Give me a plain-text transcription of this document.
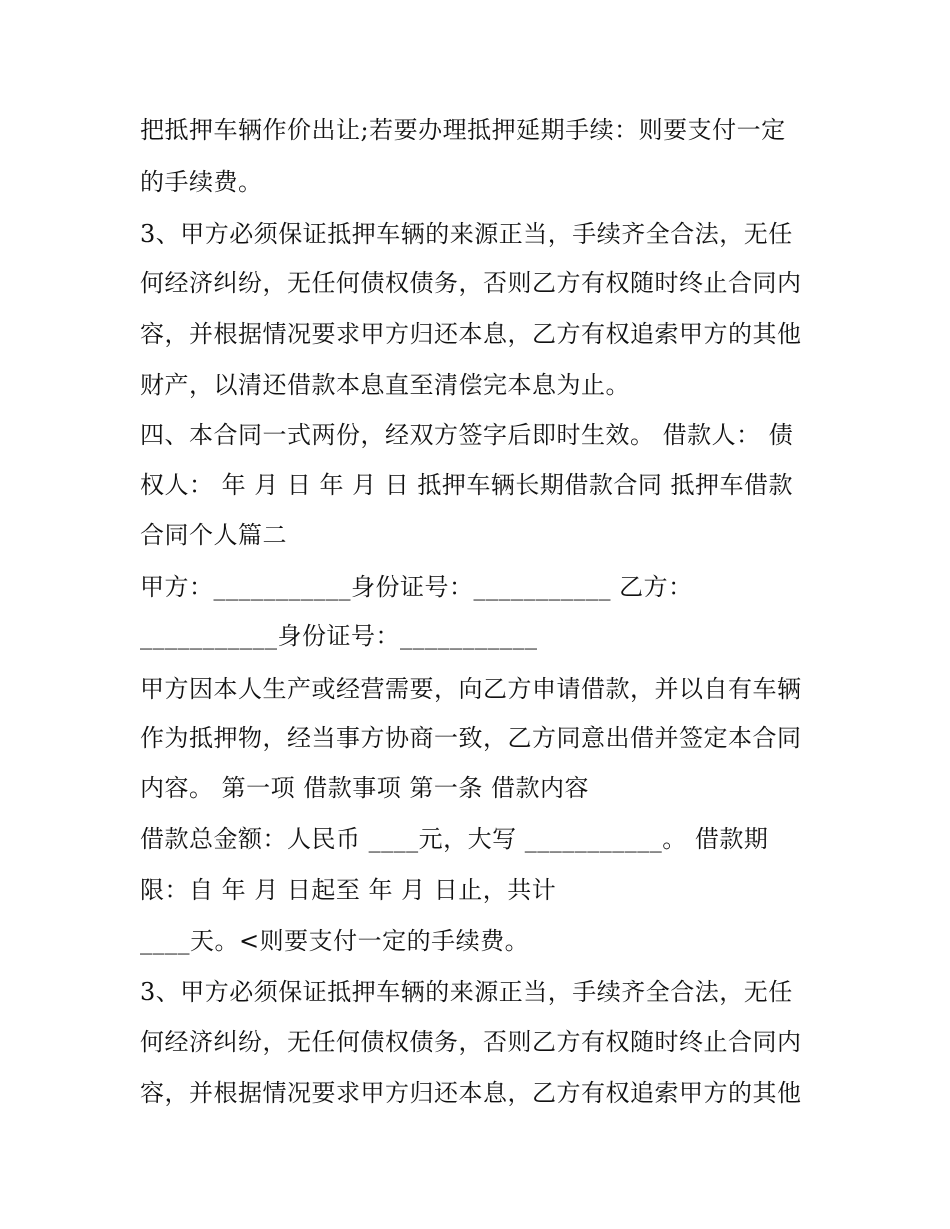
把抵押车辆作价出让;若要办理抵押延期手续：则要支付一定
的手续费。
3、甲方必须保证抵押车辆的来源正当，手续齐全合法，无任
何经济纠纷，无任何债权债务，否则乙方有权随时终止合同内
容，并根据情况要求甲方归还本息，乙方有权追索甲方的其他
财产，以清还借款本息直至清偿完本息为止。
四、本合同一式两份，经双方签字后即时生效。 借款人： 债
权人： 年 月 日 年 月 日 抵押车辆长期借款合同 抵押车借款
合同个人篇二
甲方：___________身份证号：___________ 乙方：
___________身份证号：___________
甲方因本人生产或经营需要，向乙方申请借款，并以自有车辆
作为抵押物，经当事方协商一致，乙方同意出借并签定本合同
内容。 第一项 借款事项 第一条 借款内容
借款总金额：人民币 ____元，大写 ___________。 借款期
限：自 年 月 日起至 年 月 日止，共计
____天。<则要支付一定的手续费。
3、甲方必须保证抵押车辆的来源正当，手续齐全合法，无任
何经济纠纷，无任何债权债务，否则乙方有权随时终止合同内
容，并根据情况要求甲方归还本息，乙方有权追索甲方的其他
